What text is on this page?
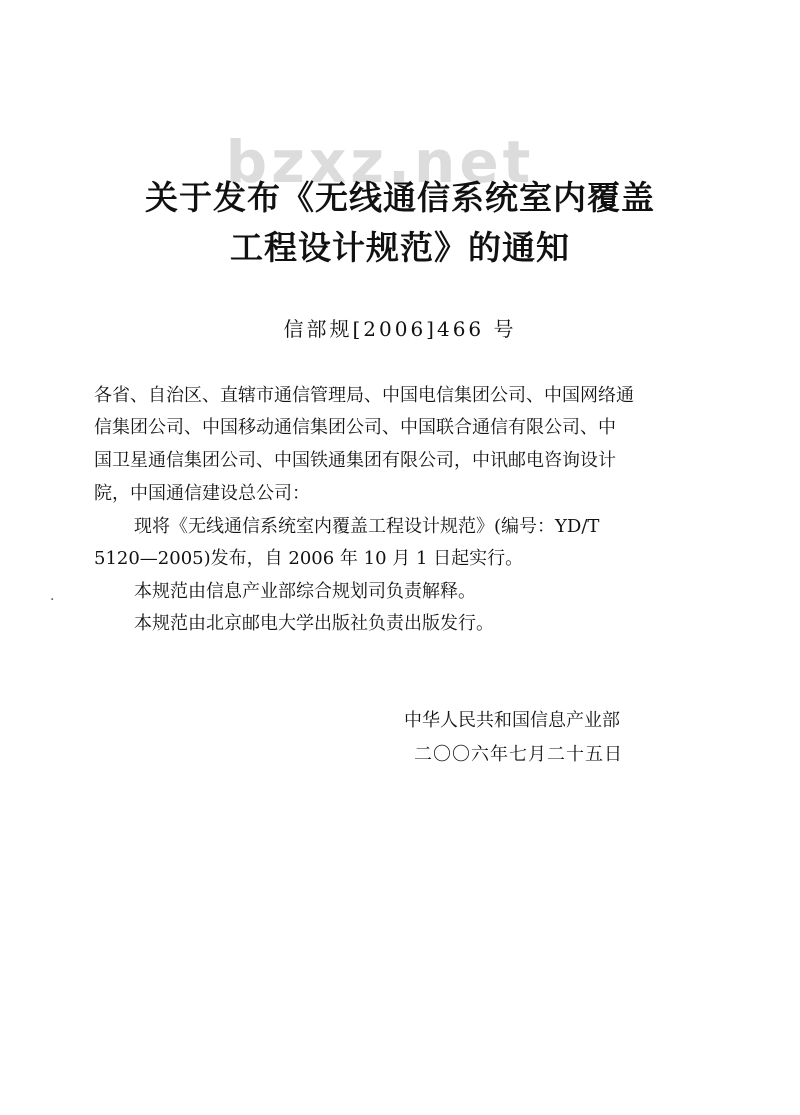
bzxz.net
关于发布《无线通信系统室内覆盖
工程设计规范》的通知
信部规[2006]466 号
各省、自治区、直辖市通信管理局、中国电信集团公司、中国网络通
信集团公司、中国移动通信集团公司、中国联合通信有限公司、中
国卫星通信集团公司、中国铁通集团有限公司，中讯邮电咨询设计
院，中国通信建设总公司：
现将《无线通信系统室内覆盖工程设计规范》(编号：YD/T
5120—2005)发布，自 2006 年 10 月 1 日起实行。
本规范由信息产业部综合规划司负责解释。
本规范由北京邮电大学出版社负责出版发行。
·
中华人民共和国信息产业部
二〇〇六年七月二十五日
